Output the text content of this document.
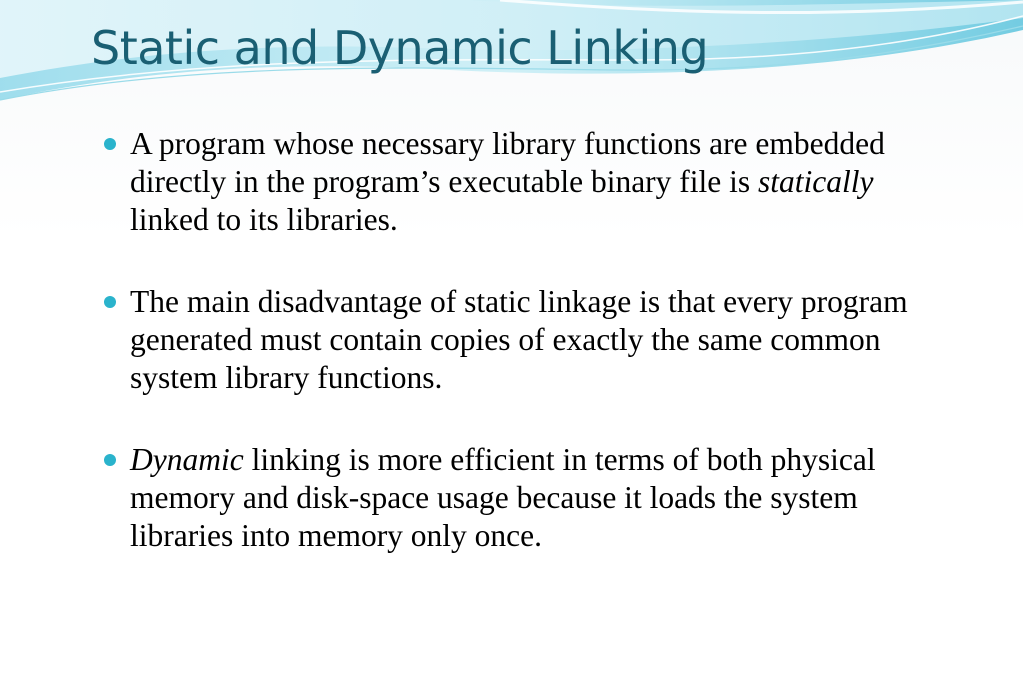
Static and Dynamic Linking
A program whose necessary library functions are embedded directly in the program’s executable binary file is statically linked to its libraries.
The main disadvantage of static linkage is that every program generated must contain copies of exactly the same common system library functions.
Dynamic linking is more efficient in terms of both physical memory and disk-space usage because it loads the system libraries into memory only once.
